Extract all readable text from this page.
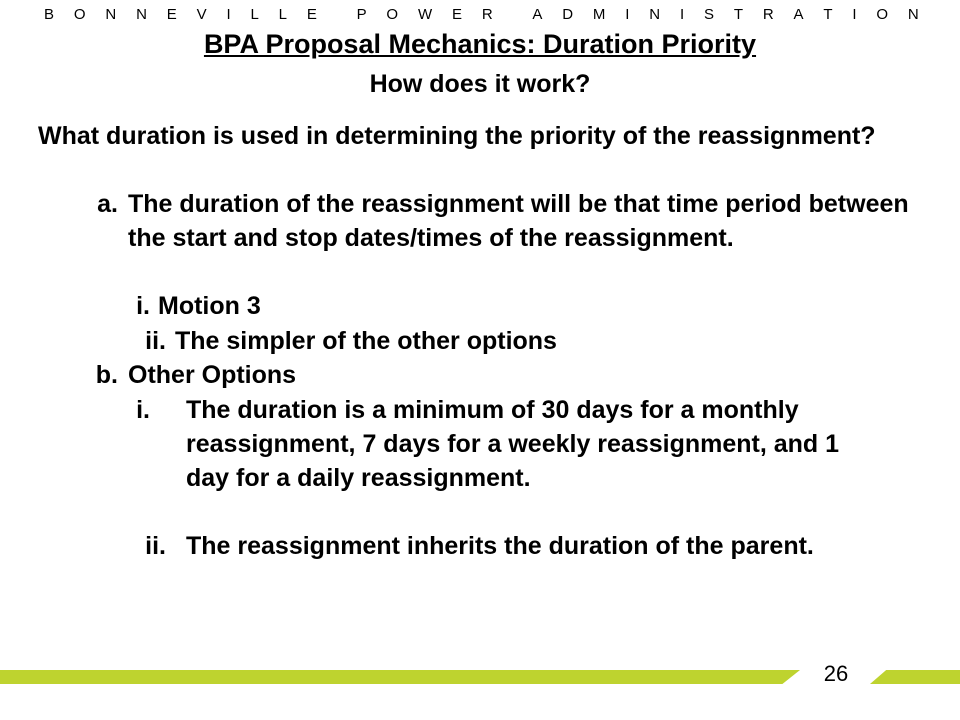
B O N N E V I L L E	P O W E R	A D M I N I S T R A T I O N
BPA Proposal Mechanics: Duration Priority
How does it work?
What duration is used in determining the priority of the reassignment?
a. The duration of the reassignment will be that time period between the start and stop dates/times of the reassignment.
i. Motion 3
ii. The simpler of the other options
b. Other Options
i. The duration is a minimum of 30 days for a monthly reassignment, 7 days for a weekly reassignment, and 1 day for a daily reassignment.
ii. The reassignment inherits the duration of the parent.
26
